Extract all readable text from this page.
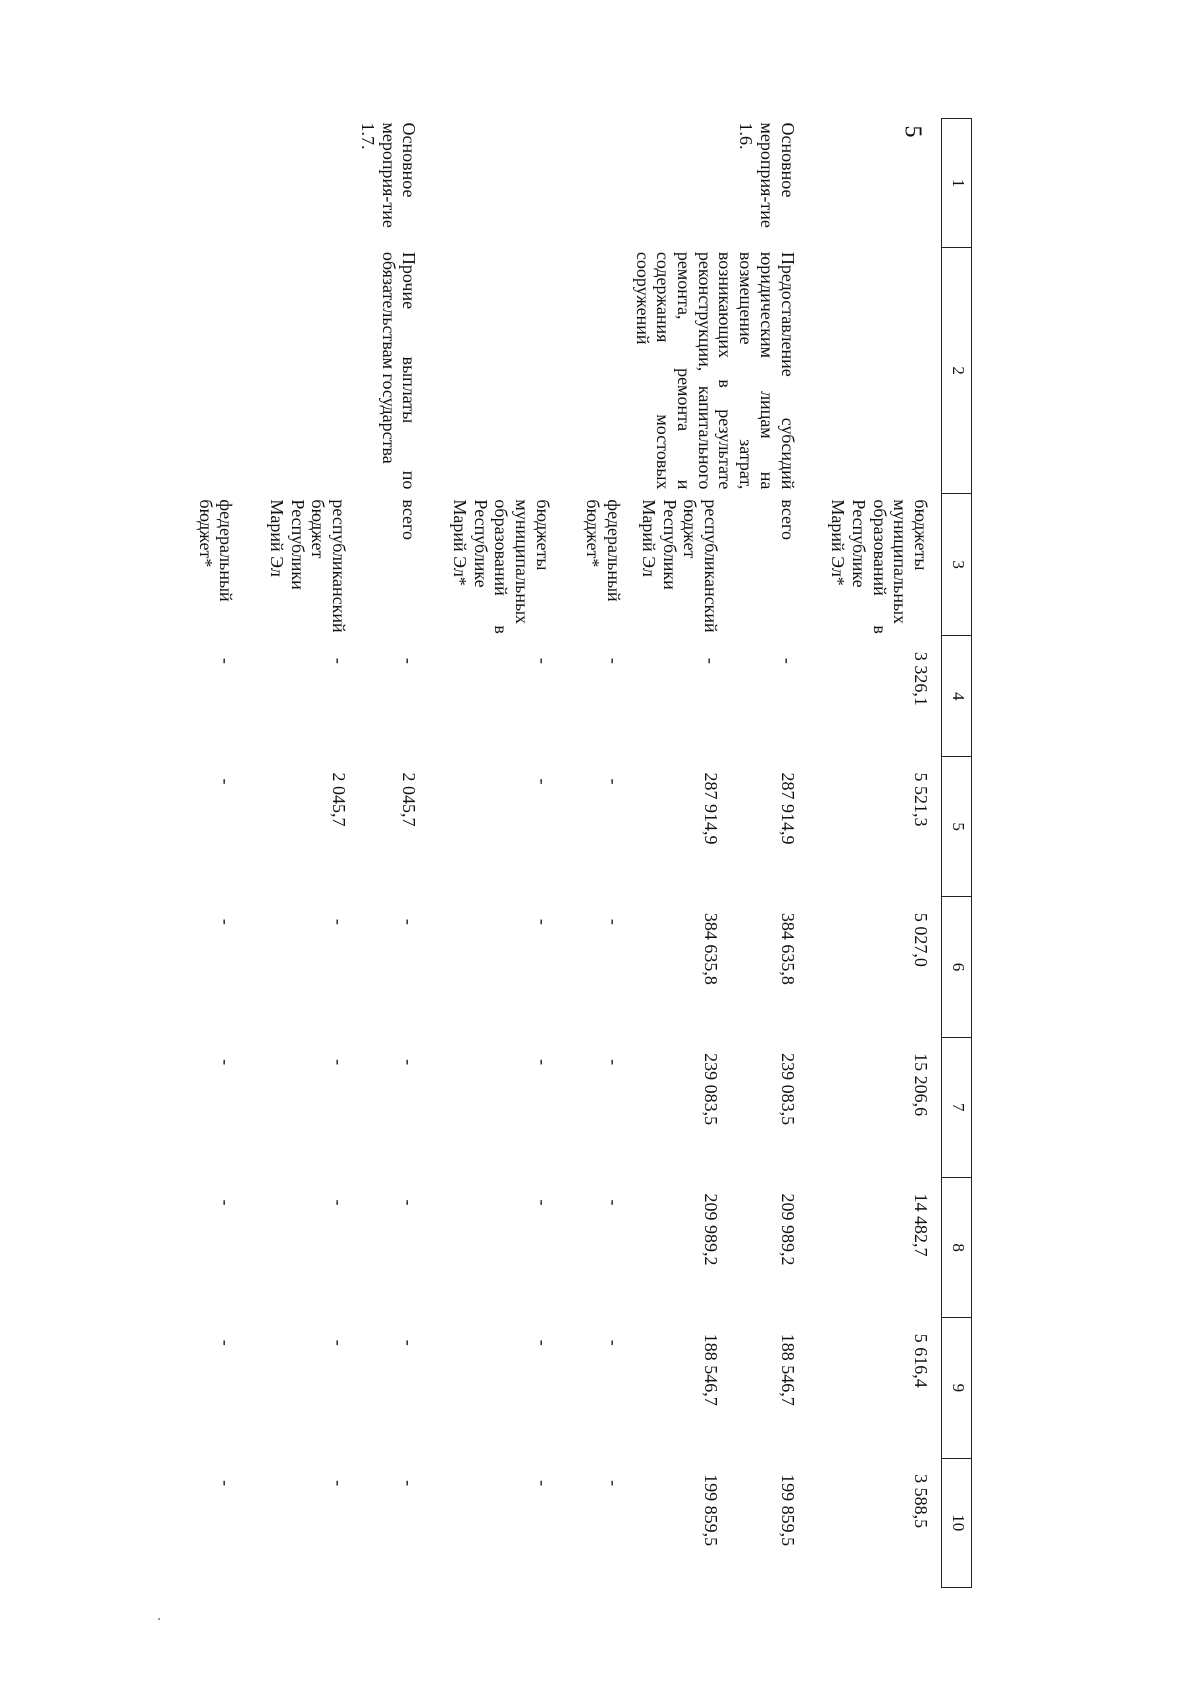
5
1	2	3	4	5	6	7	8	9	10
		бюджеты муниципальных образований в Республике Марий Эл*	3 326,1	5 521,3	5 027,0	15 206,6	14 482,7	5 616,4	3 588,5
Основное мероприя-тие 1.6.	Предоставление субсидий юридическим лицам на возмещение затрат, возникающих в результате реконструкции, капитального ремонта, ремонта и содержания мостовых сооружений	всего	-	287 914,9	384 635,8	239 083,5	209 989,2	188 546,7	199 859,5
		республиканский бюджет Республики Марий Эл	-	287 914,9	384 635,8	239 083,5	209 989,2	188 546,7	199 859,5
		федеральный бюджет*	-	-	-	-	-	-	-
		бюджеты муниципальных образований в Республике Марий Эл*	-	-	-	-	-	-	-
Основное мероприя-тие 1.7.	Прочие выплаты по обязательствам государства	всего	-	2 045,7	-	-	-	-	-
		республиканский бюджет Республики Марий Эл	-	2 045,7	-	-	-	-	-
		федеральный бюджет*	-	-	-	-	-	-	-
